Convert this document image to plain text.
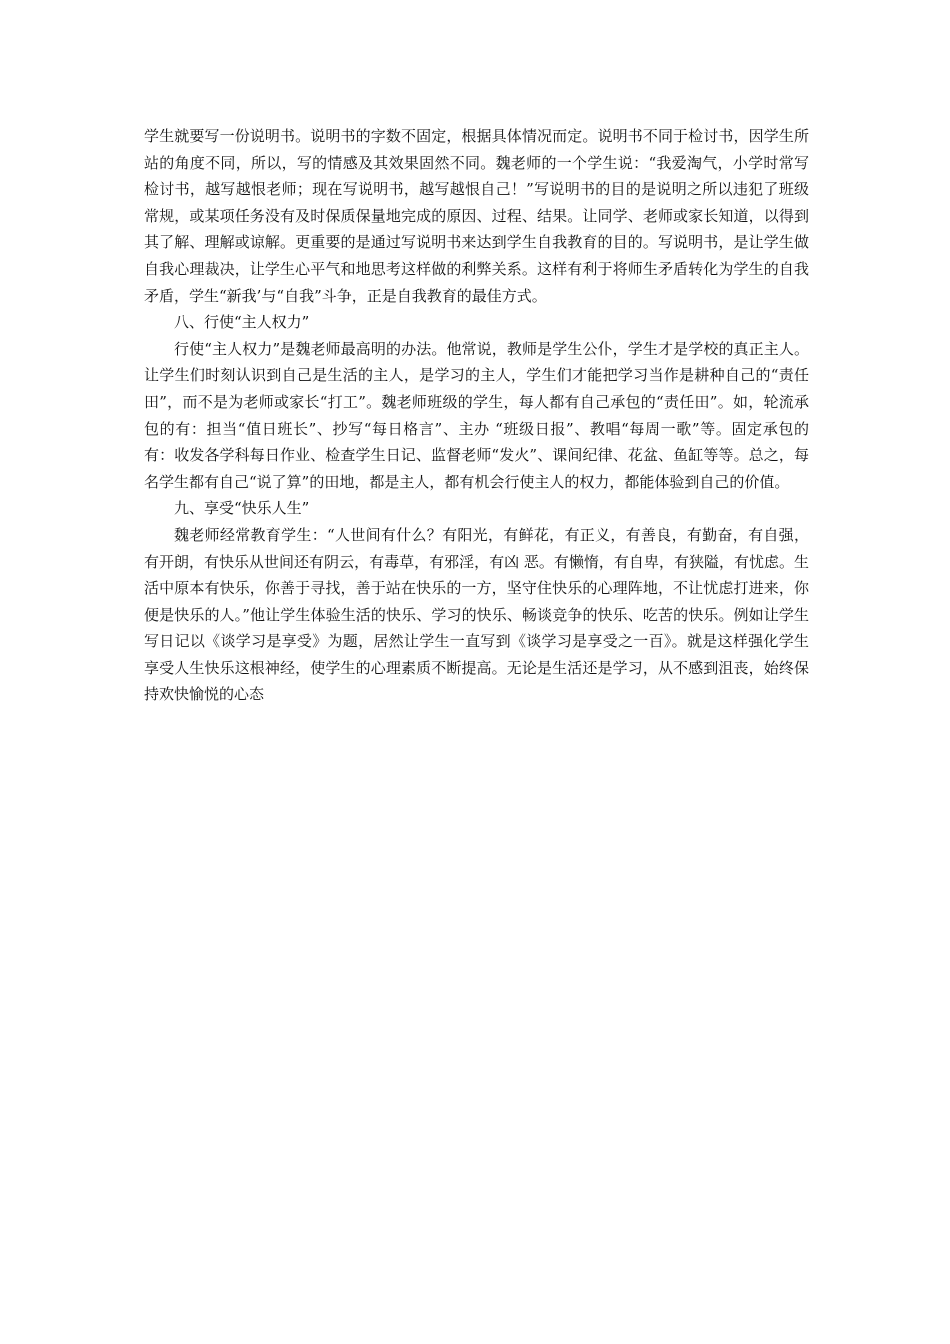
学生就要写一份说明书。说明书的字数不固定，根据具体情况而定。说明书不同于检讨书，因学生所站的角度不同，所以，写的情感及其效果固然不同。魏老师的一个学生说：“我爱淘气，小学时常写检讨书，越写越恨老师；现在写说明书，越写越恨自己！”写说明书的目的是说明之所以违犯了班级常规，或某项任务没有及时保质保量地完成的原因、过程、结果。让同学、老师或家长知道，以得到其了解、理解或谅解。更重要的是通过写说明书来达到学生自我教育的目的。写说明书，是让学生做自我心理裁决，让学生心平气和地思考这样做的利弊关系。这样有利于将师生矛盾转化为学生的自我矛盾，学生“新我’与“自我”斗争，正是自我教育的最佳方式。

八、行使“主人权力”

行使“主人权力”是魏老师最高明的办法。他常说，教师是学生公仆，学生才是学校的真正主人。让学生们时刻认识到自己是生活的主人，是学习的主人，学生们才能把学习当作是耕种自己的“责任田”，而不是为老师或家长“打工”。魏老师班级的学生，每人都有自己承包的“责任田”。如，轮流承包的有：担当“值日班长”、抄写“每日格言”、主办 “班级日报”、教唱“每周一歌”等。固定承包的有：收发各学科每日作业、检查学生日记、监督老师“发火”、课间纪律、花盆、鱼缸等等。总之，每名学生都有自己“说了算”的田地，都是主人，都有机会行使主人的权力，都能体验到自己的价值。

九、享受“快乐人生”

魏老师经常教育学生：“人世间有什么？有阳光，有鲜花，有正义，有善良，有勤奋，有自强，有开朗，有快乐从世间还有阴云，有毒草，有邪淫，有凶 恶。有懒惰，有自卑，有狭隘，有忧虑。生活中原本有快乐，你善于寻找，善于站在快乐的一方，坚守住快乐的心理阵地，不让忧虑打进来，你便是快乐的人。”他让学生体验生活的快乐、学习的快乐、畅谈竞争的快乐、吃苦的快乐。例如让学生写日记以《谈学习是享受》为题，居然让学生一直写到《谈学习是享受之一百》。就是这样强化学生享受人生快乐这根神经，使学生的心理素质不断提高。无论是生活还是学习，从不感到沮丧，始终保持欢快愉悦的心态
